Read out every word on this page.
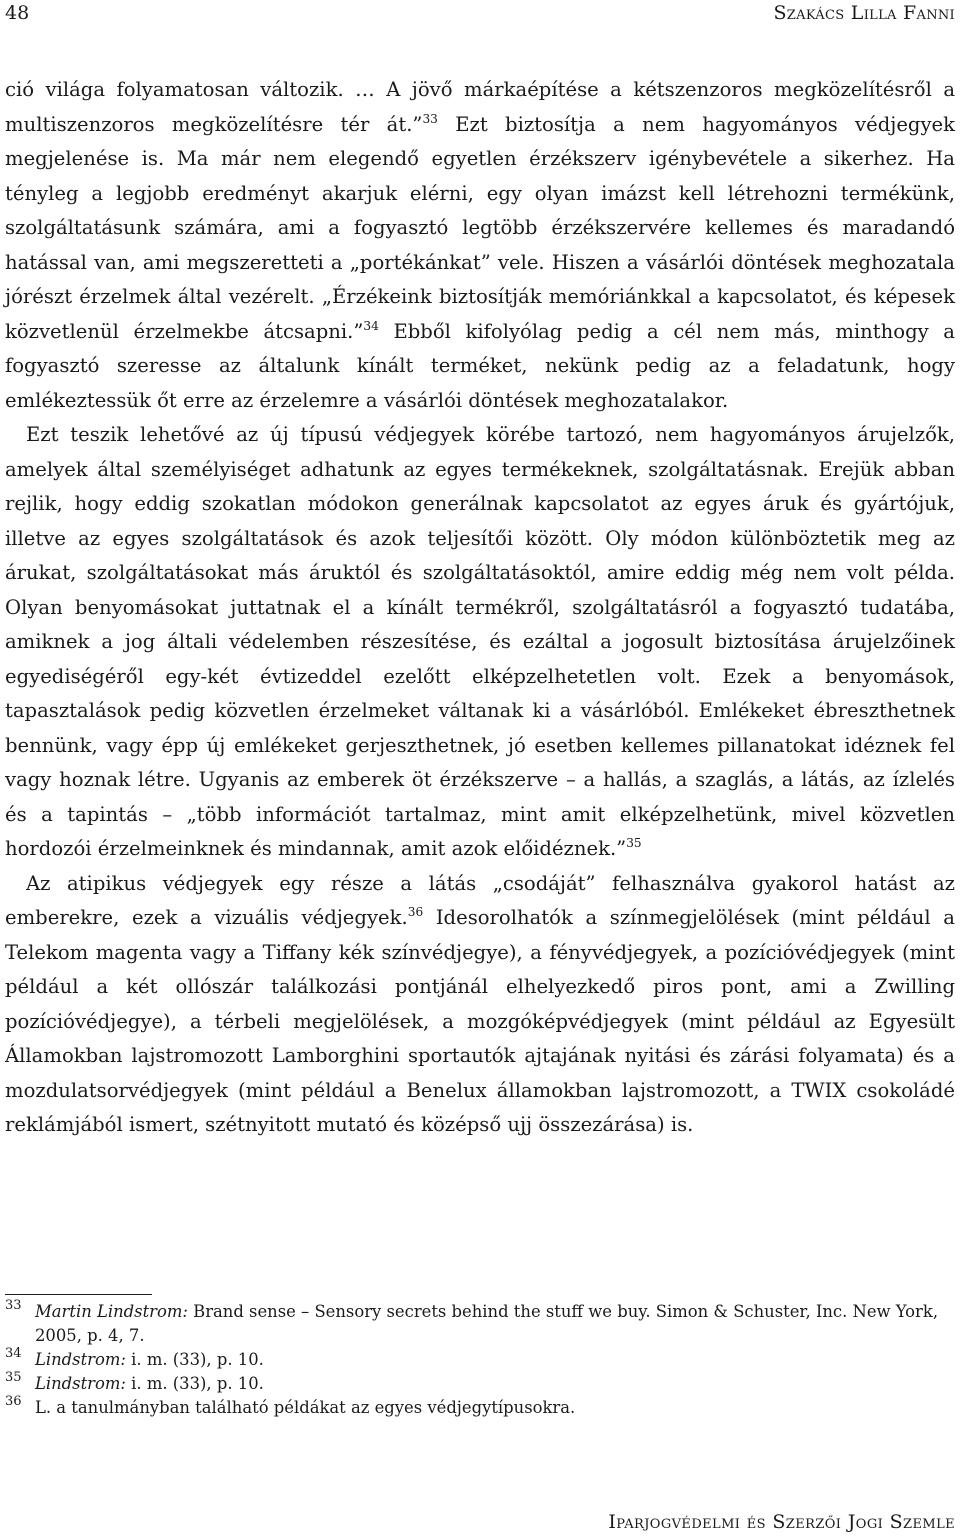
48	Szakács Lilla Fanni

ció világa folyamatosan változik. … A jövő márkaépítése a kétszenzoros megközelítésről a multiszenzoros megközelítésre tér át.”$^{33}$ Ezt biztosítja a nem hagyományos védjegyek megjelenése is. Ma már nem elegendő egyetlen érzékszerv igénybevétele a sikerhez. Ha tényleg a legjobb eredményt akarjuk elérni, egy olyan imázst kell létrehozni termékünk, szolgáltatásunk számára, ami a fogyasztó legtöbb érzékszervére kellemes és maradandó hatással van, ami megszeretteti a „portékánkat” vele. Hiszen a vásárlói döntések meghozatala jórészt érzelmek által vezérelt. „Érzékeink biztosítják memóriánkkal a kapcsolatot, és képesek közvetlenül érzelmekbe átcsapni.”$^{34}$ Ebből kifolyólag pedig a cél nem más, minthogy a fogyasztó szeresse az általunk kínált terméket, nekünk pedig az a feladatunk, hogy emlékeztessük őt erre az érzelemre a vásárlói döntések meghozatalakor.

Ezt teszik lehetővé az új típusú védjegyek körébe tartozó, nem hagyományos árujelzők, amelyek által személyiséget adhatunk az egyes termékeknek, szolgáltatásnak. Erejük abban rejlik, hogy eddig szokatlan módokon generálnak kapcsolatot az egyes áruk és gyártójuk, illetve az egyes szolgáltatások és azok teljesítői között. Oly módon különböztetik meg az árukat, szolgáltatásokat más áruktól és szolgáltatásoktól, amire eddig még nem volt példa. Olyan benyomásokat juttatnak el a kínált termékről, szolgáltatásról a fogyasztó tudatába, amiknek a jog általi védelemben részesítése, és ezáltal a jogosult biztosítása árujelzőinek egyediségéről egy-két évtizeddel ezelőtt elképzelhetetlen volt. Ezek a benyomások, tapasztalások pedig közvetlen érzelmeket váltanak ki a vásárlóból. Emlékeket ébreszthetnek bennünk, vagy épp új emlékeket gerjeszthetnek, jó esetben kellemes pillanatokat idéznek fel vagy hoznak létre. Ugyanis az emberek öt érzékszerve – a hallás, a szaglás, a látás, az ízlelés és a tapintás – „több információt tartalmaz, mint amit elképzelhetünk, mivel közvetlen hordozói érzelmeinknek és mindannak, amit azok előidéznek.”$^{35}$

Az atipikus védjegyek egy része a látás „csodáját” felhasználva gyakorol hatást az emberekre, ezek a vizuális védjegyek.$^{36}$ Idesorolhatók a színmegjelölések (mint például a Telekom magenta vagy a Tiffany kék színvédjegye), a fényvédjegyek, a pozícióvédjegyek (mint például a két ollószár találkozási pontjánál elhelyezkedő piros pont, ami a Zwilling pozícióvédjegye), a térbeli megjelölések, a mozgóképvédjegyek (mint például az Egyesült Államokban lajstromozott Lamborghini sportautók ajtajának nyitási és zárási folyamata) és a mozdulatsorvédjegyek (mint például a Benelux államokban lajstromozott, a TWIX csokoládé reklámjából ismert, szétnyitott mutató és középső ujj összezárása) is.

33 Martin Lindstrom: Brand sense – Sensory secrets behind the stuff we buy. Simon & Schuster, Inc. New York, 2005, p. 4, 7.
34 Lindstrom: i. m. (33), p. 10.
35 Lindstrom: i. m. (33), p. 10.
36 L. a tanulmányban található példákat az egyes védjegytípusokra.
Iparjogvédelmi és Szerzői Jogi Szemle
